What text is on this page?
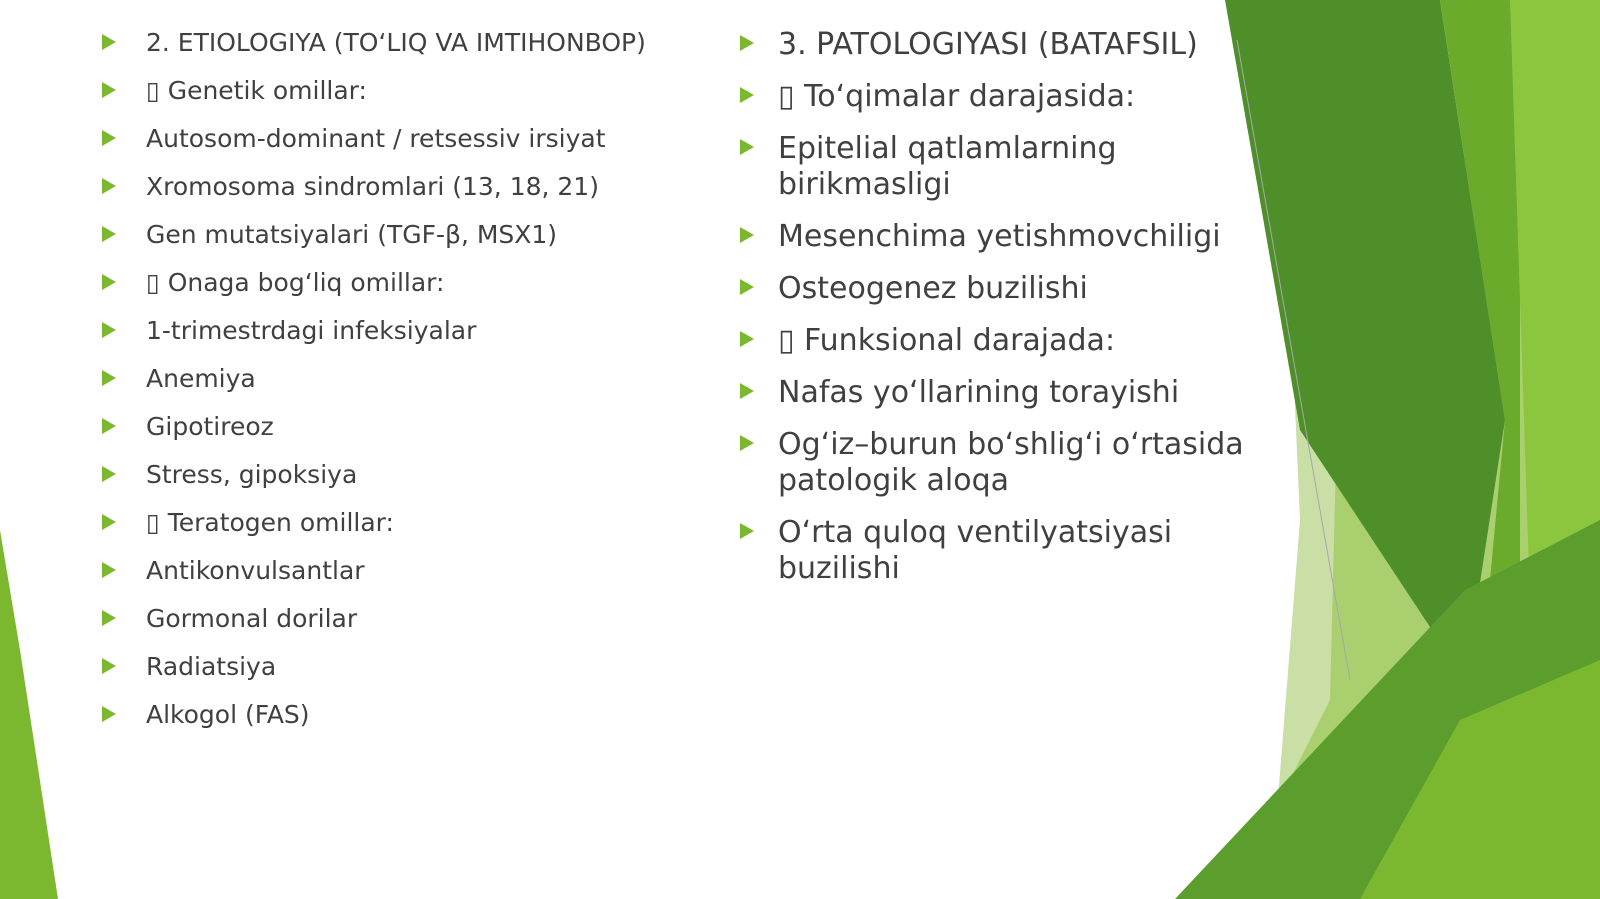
2. ETIOLOGIYA (TOʻLIQ VA IMTIHONBOP)
▯ Genetik omillar:
Autosom-dominant / retsessiv irsiyat
Xromosoma sindromlari (13, 18, 21)
Gen mutatsiyalari (TGF-β, MSX1)
▯ Onaga bogʻliq omillar:
1-trimestrdagi infeksiyalar
Anemiya
Gipotireoz
Stress, gipoksiya
▯ Teratogen omillar:
Antikonvulsantlar
Gormonal dorilar
Radiatsiya
Alkogol (FAS)
3. PATOLOGIYASI (BATAFSIL)
▯ Toʻqimalar darajasida:
Epitelial qatlamlarning birikmasligi
Mesenchima yetishmovchiligi
Osteogenez buzilishi
▯ Funksional darajada:
Nafas yoʻllarining torayishi
Ogʻiz–burun boʻshligʻi oʻrtasida patologik aloqa
Oʻrta quloq ventilyatsiyasi buzilishi
